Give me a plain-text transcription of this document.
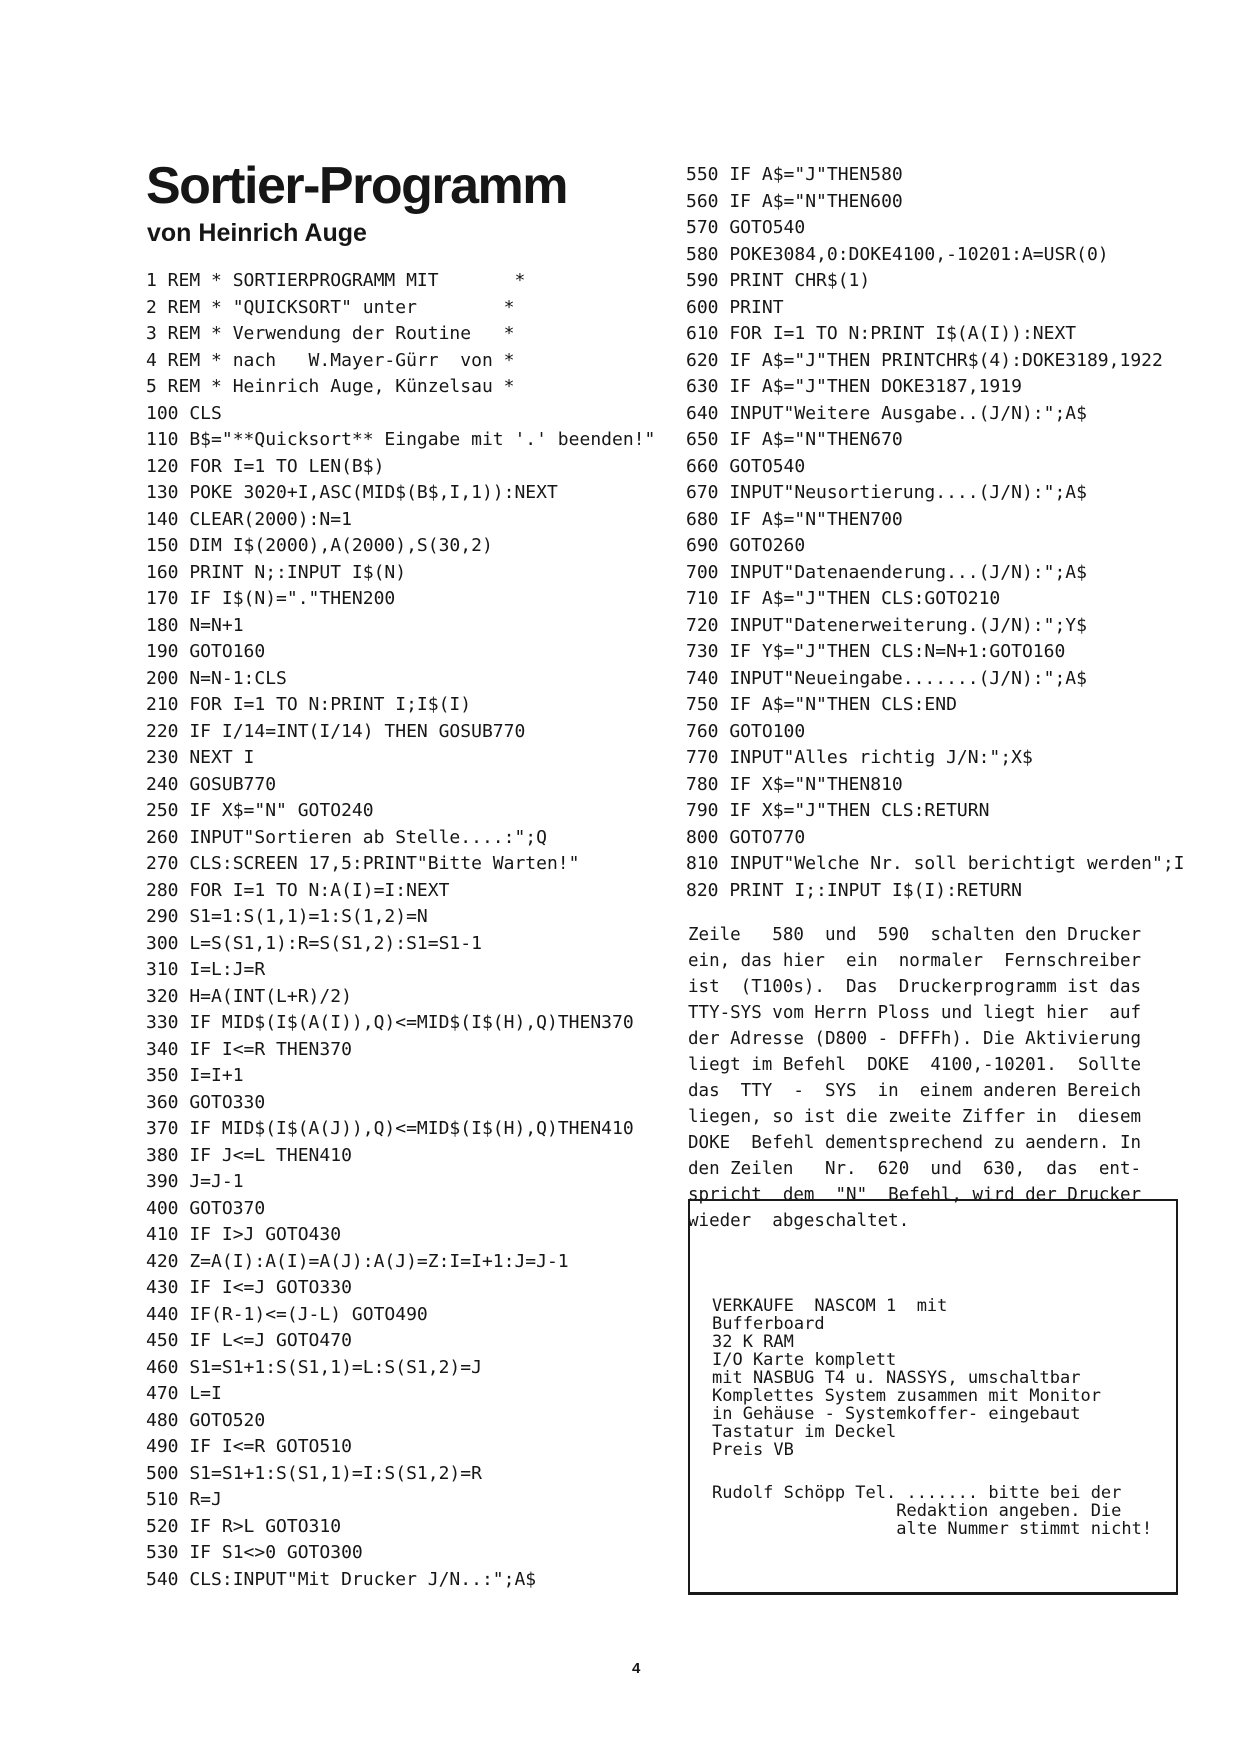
Sortier-Programm
von Heinrich Auge
1 REM * SORTIERPROGRAMM MIT       *
2 REM * "QUICKSORT" unter        *
3 REM * Verwendung der Routine   *
4 REM * nach   W.Mayer-Gürr  von *
5 REM * Heinrich Auge, Künzelsau *
100 CLS
110 B$="**Quicksort** Eingabe mit '.' beenden!"
120 FOR I=1 TO LEN(B$)
130 POKE 3020+I,ASC(MID$(B$,I,1)):NEXT
140 CLEAR(2000):N=1
150 DIM I$(2000),A(2000),S(30,2)
160 PRINT N;:INPUT I$(N)
170 IF I$(N)="."THEN200
180 N=N+1
190 GOTO160
200 N=N-1:CLS
210 FOR I=1 TO N:PRINT I;I$(I)
220 IF I/14=INT(I/14) THEN GOSUB770
230 NEXT I
240 GOSUB770
250 IF X$="N" GOTO240
260 INPUT"Sortieren ab Stelle....:";Q
270 CLS:SCREEN 17,5:PRINT"Bitte Warten!"
280 FOR I=1 TO N:A(I)=I:NEXT
290 S1=1:S(1,1)=1:S(1,2)=N
300 L=S(S1,1):R=S(S1,2):S1=S1-1
310 I=L:J=R
320 H=A(INT(L+R)/2)
330 IF MID$(I$(A(I)),Q)<=MID$(I$(H),Q)THEN370
340 IF I<=R THEN370
350 I=I+1
360 GOTO330
370 IF MID$(I$(A(J)),Q)<=MID$(I$(H),Q)THEN410
380 IF J<=L THEN410
390 J=J-1
400 GOTO370
410 IF I>J GOTO430
420 Z=A(I):A(I)=A(J):A(J)=Z:I=I+1:J=J-1
430 IF I<=J GOTO330
440 IF(R-1)<=(J-L) GOTO490
450 IF L<=J GOTO470
460 S1=S1+1:S(S1,1)=L:S(S1,2)=J
470 L=I
480 GOTO520
490 IF I<=R GOTO510
500 S1=S1+1:S(S1,1)=I:S(S1,2)=R
510 R=J
520 IF R>L GOTO310
530 IF S1<>0 GOTO300
540 CLS:INPUT"Mit Drucker J/N..:";A$
550 IF A$="J"THEN580
560 IF A$="N"THEN600
570 GOTO540
580 POKE3084,0:DOKE4100,-10201:A=USR(0)
590 PRINT CHR$(1)
600 PRINT
610 FOR I=1 TO N:PRINT I$(A(I)):NEXT
620 IF A$="J"THEN PRINTCHR$(4):DOKE3189,1922
630 IF A$="J"THEN DOKE3187,1919
640 INPUT"Weitere Ausgabe..(J/N):";A$
650 IF A$="N"THEN670
660 GOTO540
670 INPUT"Neusortierung....(J/N):";A$
680 IF A$="N"THEN700
690 GOTO260
700 INPUT"Datenaenderung...(J/N):";A$
710 IF A$="J"THEN CLS:GOTO210
720 INPUT"Datenerweiterung.(J/N):";Y$
730 IF Y$="J"THEN CLS:N=N+1:GOTO160
740 INPUT"Neueingabe.......(J/N):";A$
750 IF A$="N"THEN CLS:END
760 GOTO100
770 INPUT"Alles richtig J/N:";X$
780 IF X$="N"THEN810
790 IF X$="J"THEN CLS:RETURN
800 GOTO770
810 INPUT"Welche Nr. soll berichtigt werden";I
820 PRINT I;:INPUT I$(I):RETURN
Zeile   580  und  590  schalten den Drucker
ein, das hier  ein  normaler  Fernschreiber
ist  (T100s).  Das  Druckerprogramm ist das
TTY-SYS vom Herrn Ploss und liegt hier  auf
der Adresse (D800 - DFFFh). Die Aktivierung
liegt im Befehl  DOKE  4100,-10201.  Sollte
das  TTY  -  SYS  in  einem anderen Bereich
liegen, so ist die zweite Ziffer in  diesem
DOKE  Befehl dementsprechend zu aendern. In
den Zeilen   Nr.  620  und  630,  das  ent-
spricht  dem  "N"  Befehl, wird der Drucker
wieder  abgeschaltet.
VERKAUFE  NASCOM 1  mit
Bufferboard
32 K RAM
I/O Karte komplett
mit NASBUG T4 u. NASSYS, umschaltbar
Komplettes System zusammen mit Monitor
in Gehäuse - Systemkoffer- eingebaut
Tastatur im Deckel
Preis VB
Rudolf Schöpp Tel. ....... bitte bei der
Redaktion angeben. Die
alte Nummer stimmt nicht!
4
